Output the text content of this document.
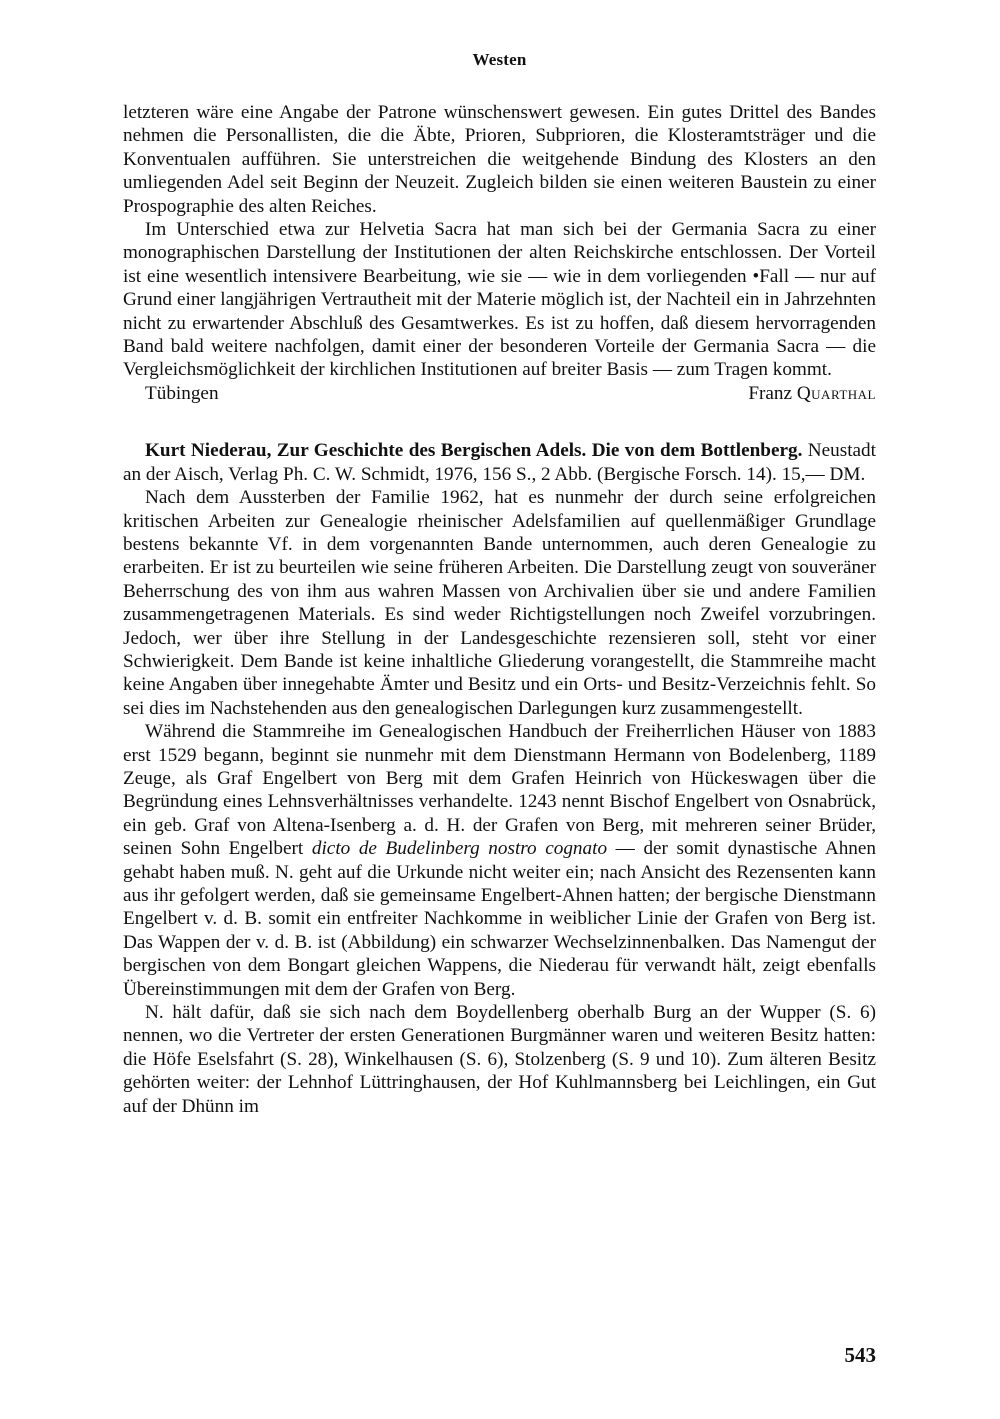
Westen

letzteren wäre eine Angabe der Patrone wünschenswert gewesen. Ein gutes Drittel des Bandes nehmen die Personallisten, die die Äbte, Prioren, Subprioren, die Klosteramtsträger und die Konventualen aufführen. Sie unterstreichen die weitgehende Bindung des Klosters an den umliegenden Adel seit Beginn der Neuzeit. Zugleich bilden sie einen weiteren Baustein zu einer Prospographie des alten Reiches.

Im Unterschied etwa zur Helvetia Sacra hat man sich bei der Germania Sacra zu einer monographischen Darstellung der Institutionen der alten Reichskirche entschlossen. Der Vorteil ist eine wesentlich intensivere Bearbeitung, wie sie — wie in dem vorliegenden •Fall — nur auf Grund einer langjährigen Vertrautheit mit der Materie möglich ist, der Nachteil ein in Jahrzehnten nicht zu erwartender Abschluß des Gesamtwerkes. Es ist zu hoffen, daß diesem hervorragenden Band bald weitere nachfolgen, damit einer der besonderen Vorteile der Germania Sacra — die Vergleichsmöglichkeit der kirchlichen Institutionen auf breiter Basis — zum Tragen kommt.

Tübingen	Franz Quarthal

Kurt Niederau, Zur Geschichte des Bergischen Adels. Die von dem Bottlenberg. Neustadt an der Aisch, Verlag Ph. C. W. Schmidt, 1976, 156 S., 2 Abb. (Bergische Forsch. 14). 15,— DM.

Nach dem Aussterben der Familie 1962, hat es nunmehr der durch seine erfolgreichen kritischen Arbeiten zur Genealogie rheinischer Adelsfamilien auf quellenmäßiger Grundlage bestens bekannte Vf. in dem vorgenannten Bande unternommen, auch deren Genealogie zu erarbeiten. Er ist zu beurteilen wie seine früheren Arbeiten. Die Darstellung zeugt von souveräner Beherrschung des von ihm aus wahren Massen von Archivalien über sie und andere Familien zusammengetragenen Materials. Es sind weder Richtigstellungen noch Zweifel vorzubringen. Jedoch, wer über ihre Stellung in der Landesgeschichte rezensieren soll, steht vor einer Schwierigkeit. Dem Bande ist keine inhaltliche Gliederung vorangestellt, die Stammreihe macht keine Angaben über innegehabte Ämter und Besitz und ein Orts- und Besitz-Verzeichnis fehlt. So sei dies im Nachstehenden aus den genealogischen Darlegungen kurz zusammengestellt.

Während die Stammreihe im Genealogischen Handbuch der Freiherrlichen Häuser von 1883 erst 1529 begann, beginnt sie nunmehr mit dem Dienstmann Hermann von Bodelenberg, 1189 Zeuge, als Graf Engelbert von Berg mit dem Grafen Heinrich von Hückeswagen über die Begründung eines Lehnsverhältnisses verhandelte. 1243 nennt Bischof Engelbert von Osnabrück, ein geb. Graf von Altena-Isenberg a. d. H. der Grafen von Berg, mit mehreren seiner Brüder, seinen Sohn Engelbert dicto de Budelinberg nostro cognato — der somit dynastische Ahnen gehabt haben muß. N. geht auf die Urkunde nicht weiter ein; nach Ansicht des Rezensenten kann aus ihr gefolgert werden, daß sie gemeinsame Engelbert-Ahnen hatten; der bergische Dienstmann Engelbert v. d. B. somit ein entfreiter Nachkomme in weiblicher Linie der Grafen von Berg ist. Das Wappen der v. d. B. ist (Abbildung) ein schwarzer Wechselzinnenbalken. Das Namengut der bergischen von dem Bongart gleichen Wappens, die Niederau für verwandt hält, zeigt ebenfalls Übereinstimmungen mit dem der Grafen von Berg.

N. hält dafür, daß sie sich nach dem Boydellenberg oberhalb Burg an der Wupper (S. 6) nennen, wo die Vertreter der ersten Generationen Burgmänner waren und weiteren Besitz hatten: die Höfe Eselsfahrt (S. 28), Winkelhausen (S. 6), Stolzenberg (S. 9 und 10). Zum älteren Besitz gehörten weiter: der Lehnhof Lüttringhausen, der Hof Kuhlmannsberg bei Leichlingen, ein Gut auf der Dhünn im

543
